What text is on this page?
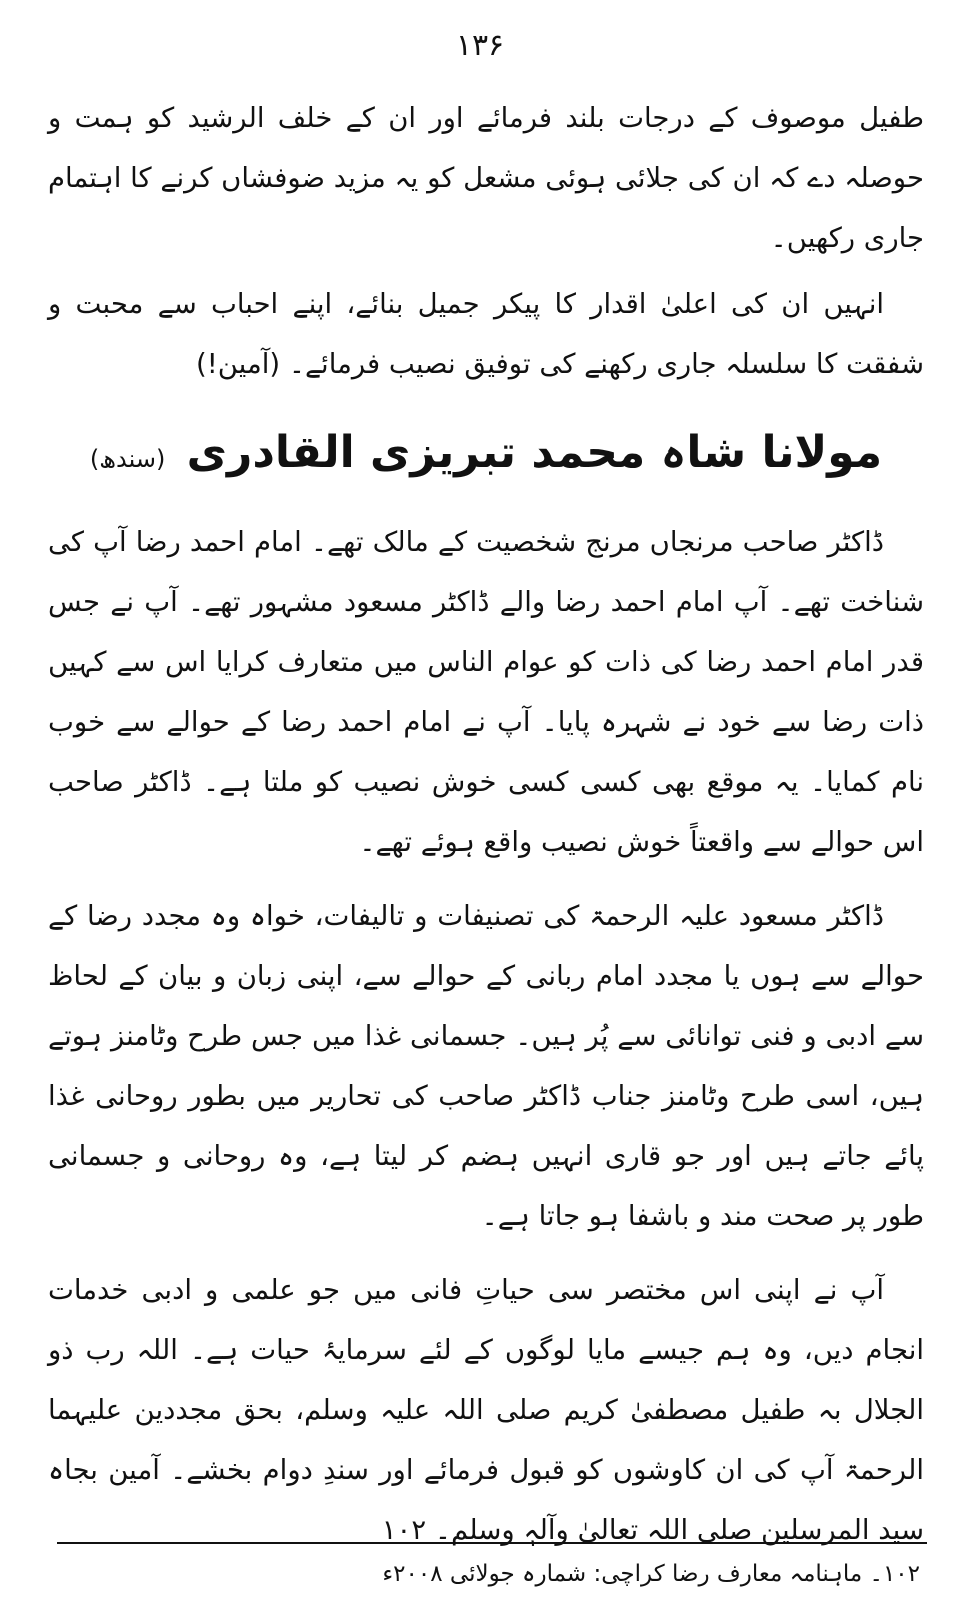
۱۳۶

طفیل موصوف کے درجات بلند فرمائے اور ان کے خلف الرشید کو ہمت و حوصلہ دے کہ ان کی جلائی ہوئی مشعل کو یہ مزید ضوفشاں کرنے کا اہتمام جاری رکھیں۔

انہیں ان کی اعلیٰ اقدار کا پیکر جمیل بنائے، اپنے احباب سے محبت و شفقت کا سلسلہ جاری رکھنے کی توفیق نصیب فرمائے۔ (آمین!)

مولانا شاہ محمد تبریزی القادری (سندھ)

ڈاکٹر صاحب مرنجاں مرنج شخصیت کے مالک تھے۔ امام احمد رضا آپ کی شناخت تھے۔ آپ امام احمد رضا والے ڈاکٹر مسعود مشہور تھے۔ آپ نے جس قدر امام احمد رضا کی ذات کو عوام الناس میں متعارف کرایا اس سے کہیں ذات رضا سے خود نے شہرہ پایا۔ آپ نے امام احمد رضا کے حوالے سے خوب نام کمایا۔ یہ موقع بھی کسی کسی خوش نصیب کو ملتا ہے۔ ڈاکٹر صاحب اس حوالے سے واقعتاً خوش نصیب واقع ہوئے تھے۔

ڈاکٹر مسعود علیہ الرحمۃ کی تصنیفات و تالیفات، خواہ وہ مجدد رضا کے حوالے سے ہوں یا مجدد امام ربانی کے حوالے سے، اپنی زبان و بیان کے لحاظ سے ادبی و فنی توانائی سے پُر ہیں۔ جسمانی غذا میں جس طرح وٹامنز ہوتے ہیں، اسی طرح وٹامنز جناب ڈاکٹر صاحب کی تحاریر میں بطور روحانی غذا پائے جاتے ہیں اور جو قاری انہیں ہضم کر لیتا ہے، وہ روحانی و جسمانی طور پر صحت مند و باشفا ہو جاتا ہے۔

آپ نے اپنی اس مختصر سی حیاتِ فانی میں جو علمی و ادبی خدمات انجام دیں، وہ ہم جیسے مایا لوگوں کے لئے سرمایۂ حیات ہے۔ اللہ رب ذو الجلال بہ طفیل مصطفیٰ کریم صلی اللہ علیہ وسلم، بحق مجددین علیہما الرحمۃ آپ کی ان کاوشوں کو قبول فرمائے اور سندِ دوام بخشے۔ آمین بجاہ سید المرسلین صلی اللہ تعالیٰ وآلہٖ وسلم۔ ۱۰۲

۱۰۲۔ ماہنامہ معارف رضا کراچی: شمارہ جولائی ۲۰۰۸ء
